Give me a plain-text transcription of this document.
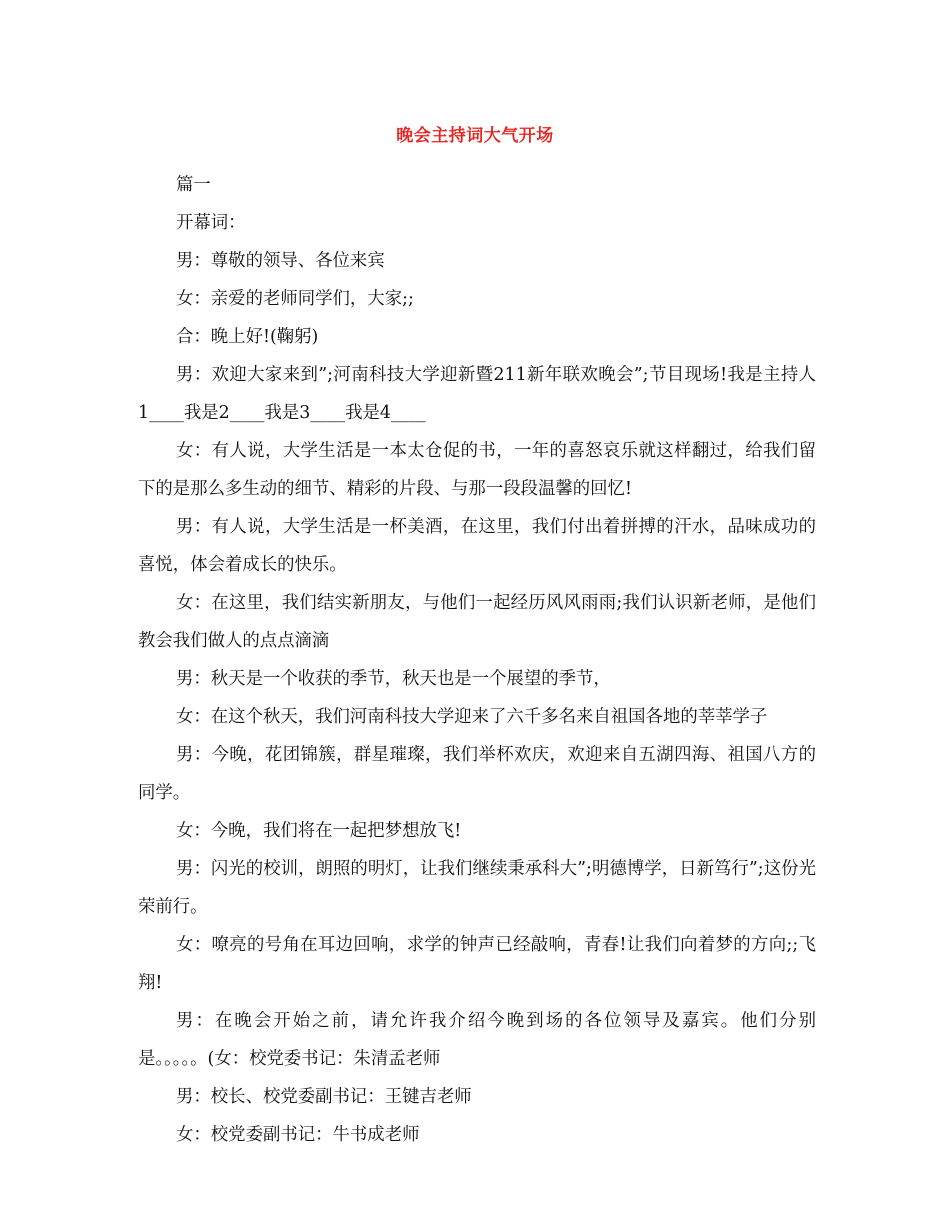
晚会主持词大气开场

篇一

开幕词：

男：尊敬的领导、各位来宾

女：亲爱的老师同学们，大家;;

合：晚上好!(鞠躬)

男：欢迎大家来到”;河南科技大学迎新暨211新年联欢晚会”;节目现场!我是主持人1____我是2____我是3____我是4____

女：有人说，大学生活是一本太仓促的书，一年的喜怒哀乐就这样翻过，给我们留下的是那么多生动的细节、精彩的片段、与那一段段温馨的回忆!

男：有人说，大学生活是一杯美酒，在这里，我们付出着拼搏的汗水，品味成功的喜悦，体会着成长的快乐。

女：在这里，我们结实新朋友，与他们一起经历风风雨雨;我们认识新老师，是他们教会我们做人的点点滴滴

男：秋天是一个收获的季节，秋天也是一个展望的季节，

女：在这个秋天，我们河南科技大学迎来了六千多名来自祖国各地的莘莘学子

男：今晚，花团锦簇，群星璀璨，我们举杯欢庆，欢迎来自五湖四海、祖国八方的同学。

女：今晚，我们将在一起把梦想放飞!

男：闪光的校训，朗照的明灯，让我们继续秉承科大”;明德博学，日新笃行”;这份光荣前行。

女：嘹亮的号角在耳边回响，求学的钟声已经敲响，青春!让我们向着梦的方向;;飞翔!

男：在晚会开始之前，请允许我介绍今晚到场的各位领导及嘉宾。他们分别是。。。。。(女：校党委书记：朱清孟老师

男：校长、校党委副书记：王键吉老师

女：校党委副书记：牛书成老师
